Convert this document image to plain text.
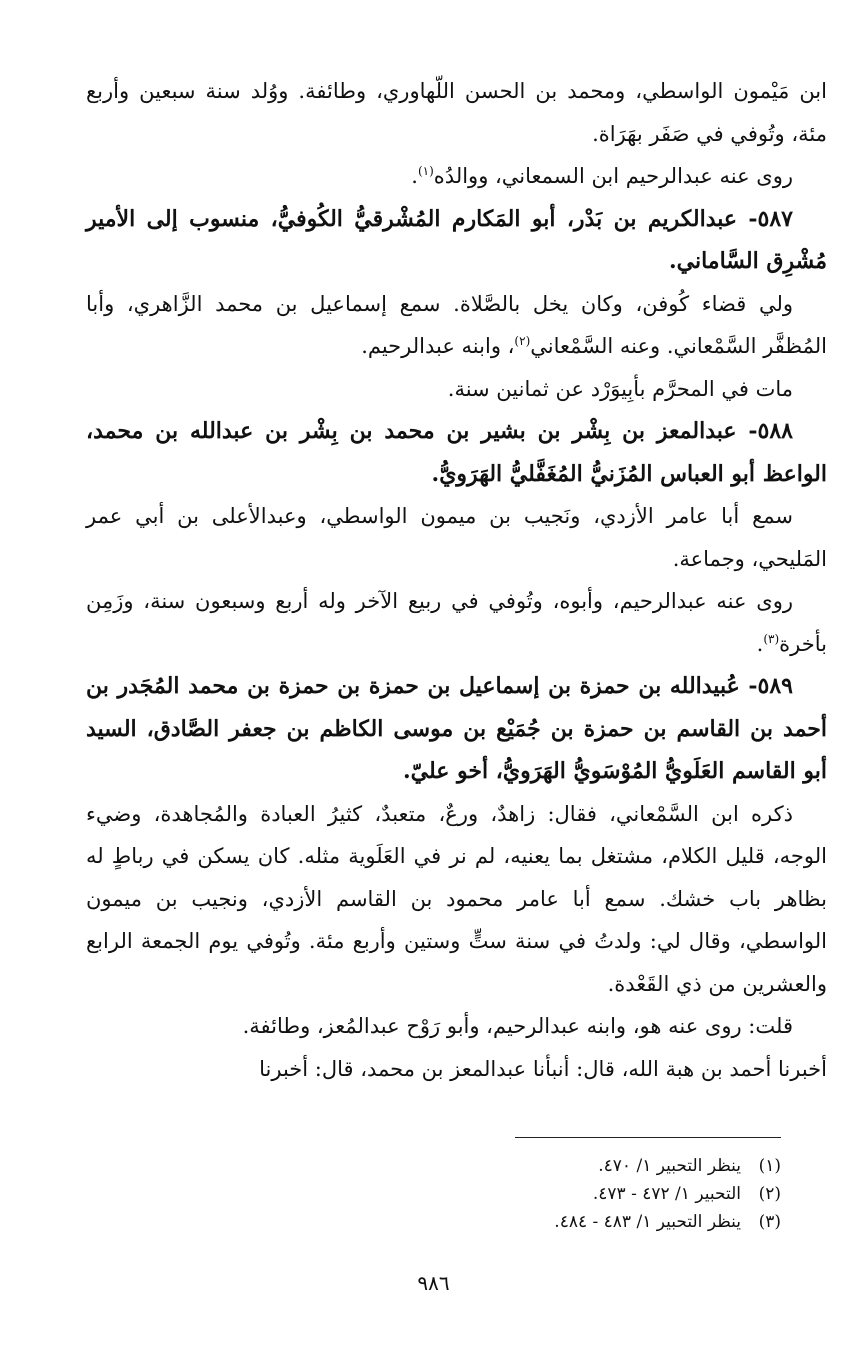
ابن مَيْمون الواسطي، ومحمد بن الحسن اللّهاوري، وطائفة. ووُلد سنة سبعين وأربع مئة، وتُوفي في صَفَر بهَرَاة.

روى عنه عبدالرحيم ابن السمعاني، ووالدُه$^{(١)}$.

٥٨٧- عبدالكريم بن بَدْر، أبو المَكارم المُشْرقيُّ الكُوفيُّ، منسوب إلى الأمير مُشْرِق السَّاماني.

ولي قضاء كُوفن، وكان يخل بالصَّلاة. سمع إسماعيل بن محمد الزَّاهري، وأبا المُظفَّر السَّمْعاني. وعنه السَّمْعاني$^{(٢)}$، وابنه عبدالرحيم.

مات في المحرَّم بأبِيوَرْد عن ثمانين سنة.

٥٨٨- عبدالمعز بن بِشْر بن بشير بن محمد بن بِشْر بن عبدالله بن محمد، الواعظ أبو العباس المُزَنيُّ المُغَفَّليُّ الهَرَويُّ.

سمع أبا عامر الأزدي، ونَجيب بن ميمون الواسطي، وعبدالأعلى بن أبي عمر المَليحي، وجماعة.

روى عنه عبدالرحيم، وأبوه، وتُوفي في ربيع الآخر وله أربع وسبعون سنة، وزَمِن بأخرة$^{(٣)}$.

٥٨٩- عُبيدالله بن حمزة بن إسماعيل بن حمزة بن حمزة بن محمد المُجَدر بن أحمد بن القاسم بن حمزة بن جُمَيْع بن موسى الكاظم بن جعفر الصَّادق، السيد أبو القاسم العَلَويُّ المُوْسَويُّ الهَرَويُّ، أخو عليّ.

ذكره ابن السَّمْعاني، فقال: زاهدٌ، ورعٌ، متعبدٌ، كثيرُ العبادة والمُجاهدة، وضيء الوجه، قليل الكلام، مشتغل بما يعنيه، لم نر في العَلَوية مثله. كان يسكن في رباطٍ له بظاهر باب خشك. سمع أبا عامر محمود بن القاسم الأزدي، ونجيب بن ميمون الواسطي، وقال لي: ولدتُ في سنة ستٍّ وستين وأربع مئة. وتُوفي يوم الجمعة الرابع والعشرين من ذي القَعْدة.

قلت: روى عنه هو، وابنه عبدالرحيم، وأبو رَوْح عبدالمُعز، وطائفة.

أخبرنا أحمد بن هبة الله، قال: أنبأنا عبدالمعز بن محمد، قال: أخبرنا

(١)ينظر التحبير ١/ ٤٧٠.

(٢)التحبير ١/ ٤٧٢ - ٤٧٣.

(٣)ينظر التحبير ١/ ٤٨٣ - ٤٨٤.

٩٨٦
